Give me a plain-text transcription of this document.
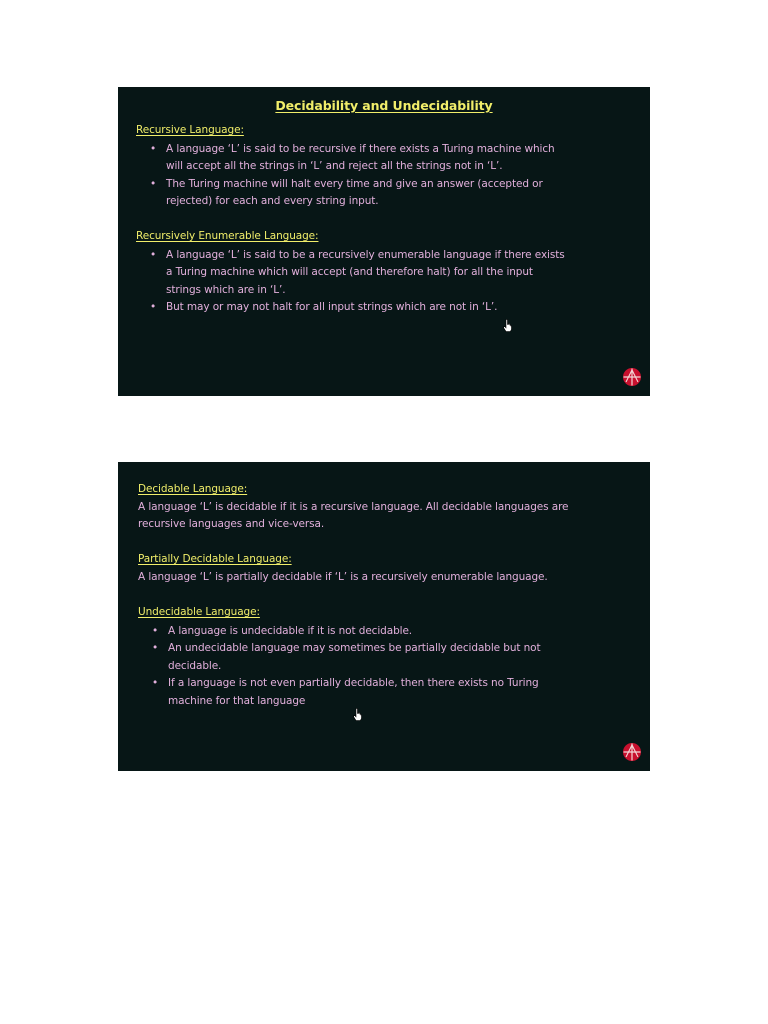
Decidability and Undecidability
Recursive Language:
• A language ‘L’ is said to be recursive if there exists a Turing machine which will accept all the strings in ‘L’ and reject all the strings not in ‘L’.
• The Turing machine will halt every time and give an answer (accepted or rejected) for each and every string input.
Recursively Enumerable Language:
• A language ‘L’ is said to be a recursively enumerable language if there exists a Turing machine which will accept (and therefore halt) for all the input strings which are in ‘L’.
• But may or may not halt for all input strings which are not in ‘L’.
Decidable Language:

A language ‘L’ is decidable if it is a recursive language. All decidable languages are recursive languages and vice-versa.

Partially Decidable Language:

A language ‘L’ is partially decidable if ‘L’ is a recursively enumerable language.

Undecidable Language:
• A language is undecidable if it is not decidable.
• An undecidable language may sometimes be partially decidable but not decidable.
• If a language is not even partially decidable, then there exists no Turing machine for that language
